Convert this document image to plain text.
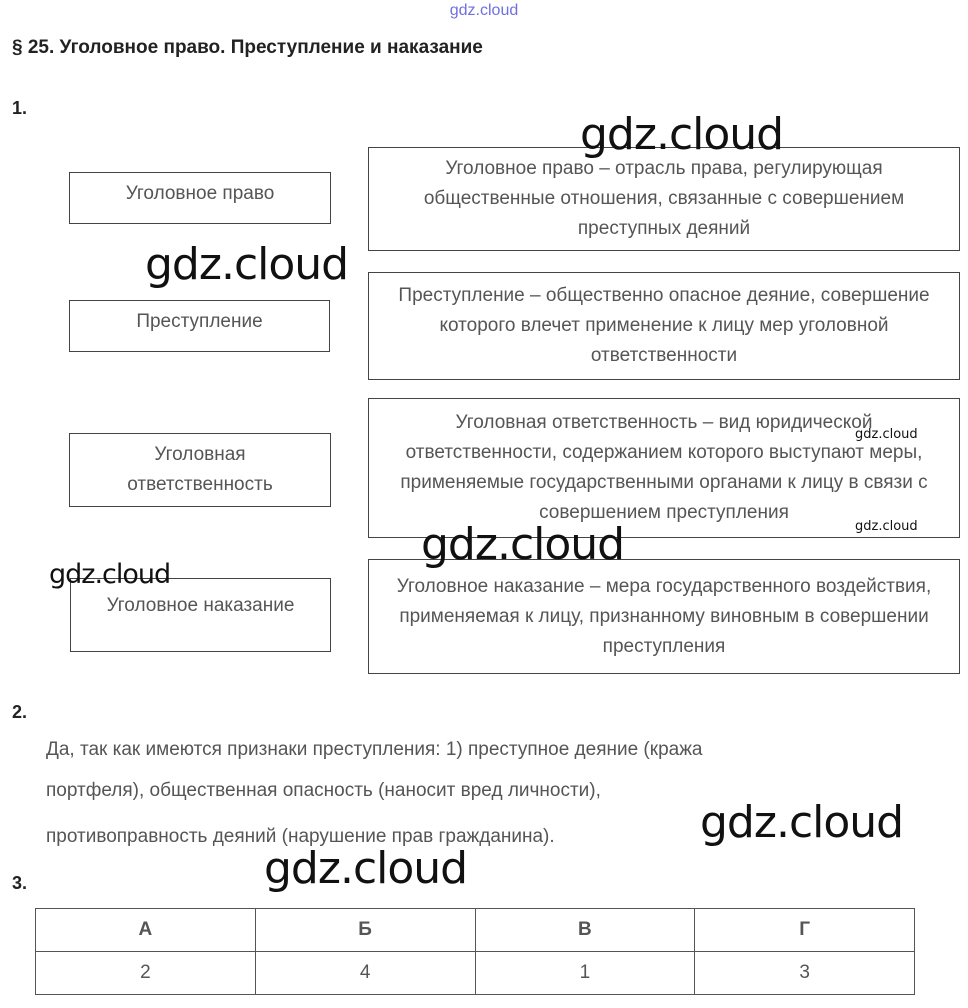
gdz.cloud
§ 25. Уголовное право. Преступление и наказание
1.
Уголовное право
Преступление
Уголовная ответственность
Уголовное наказание
Уголовное право – отрасль права, регулирующая общественные отношения, связанные с совершением преступных деяний
Преступление – общественно опасное деяние, совершение которого влечет применение к лицу мер уголовной ответственности
Уголовная ответственность – вид юридической ответственности, содержанием которого выступают меры, применяемые государственными органами к лицу в связи с совершением преступления
Уголовное наказание – мера государственного воздействия, применяемая к лицу, признанному виновным в совершении преступления
2.
Да, так как имеются признаки преступления: 1) преступное деяние (кража
портфеля), общественная опасность (наносит вред личности),
противоправность деяний (нарушение прав гражданина).
3.
А	Б	В	Г
2	4	1	3
gdz.cloud
gdz.cloud
gdz.cloud
gdz.cloud
gdz.cloud
gdz.cloud
gdz.cloud
gdz.cloud
